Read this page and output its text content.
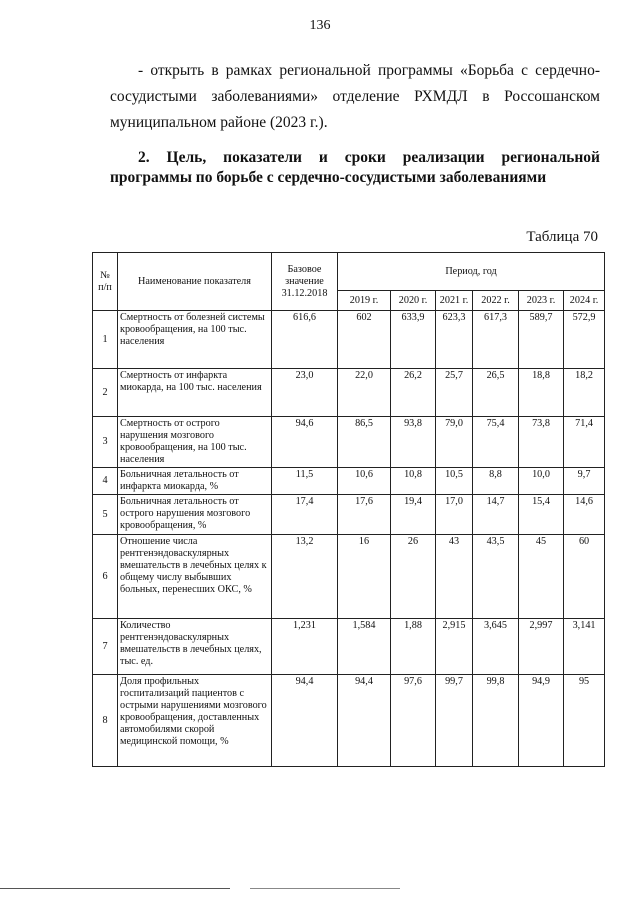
136
- открыть в рамках региональной программы «Борьба с сердечно-
сосудистыми заболеваниями» отделение РХМДЛ в Россошанском
муниципальном районе (2023 г.).
2. Цель, показатели и сроки реализации региональной
программы по борьбе с сердечно-сосудистыми заболеваниями
Таблица 70
№ п/п	Наименование показателя	Базовое значение 31.12.2018	Период, год					
			2019 г.	2020 г.	2021 г.	2022 г.	2023 г.	2024 г.
1	Смертность от болезней системы кровообращения, на 100 тыс. населения	616,6	602	633,9	623,3	617,3	589,7	572,9
2	Смертность от инфаркта миокарда, на 100 тыс. населения	23,0	22,0	26,2	25,7	26,5	18,8	18,2
3	Смертность от острого нарушения мозгового кровообращения, на 100 тыс. населения	94,6	86,5	93,8	79,0	75,4	73,8	71,4
4	Больничная летальность от инфаркта миокарда, %	11,5	10,6	10,8	10,5	8,8	10,0	9,7
5	Больничная летальность от острого нарушения мозгового кровообращения, %	17,4	17,6	19,4	17,0	14,7	15,4	14,6
6	Отношение числа рентгенэндоваскулярных вмешательств в лечебных целях к общему числу выбывших больных, перенесших ОКС, %	13,2	16	26	43	43,5	45	60
7	Количество рентгенэндоваскулярных вмешательств в лечебных целях, тыс. ед.	1,231	1,584	1,88	2,915	3,645	2,997	3,141
8	Доля профильных госпитализаций пациентов с острыми нарушениями мозгового кровообращения, доставленных автомобилями скорой медицинской помощи, %	94,4	94,4	97,6	99,7	99,8	94,9	95
